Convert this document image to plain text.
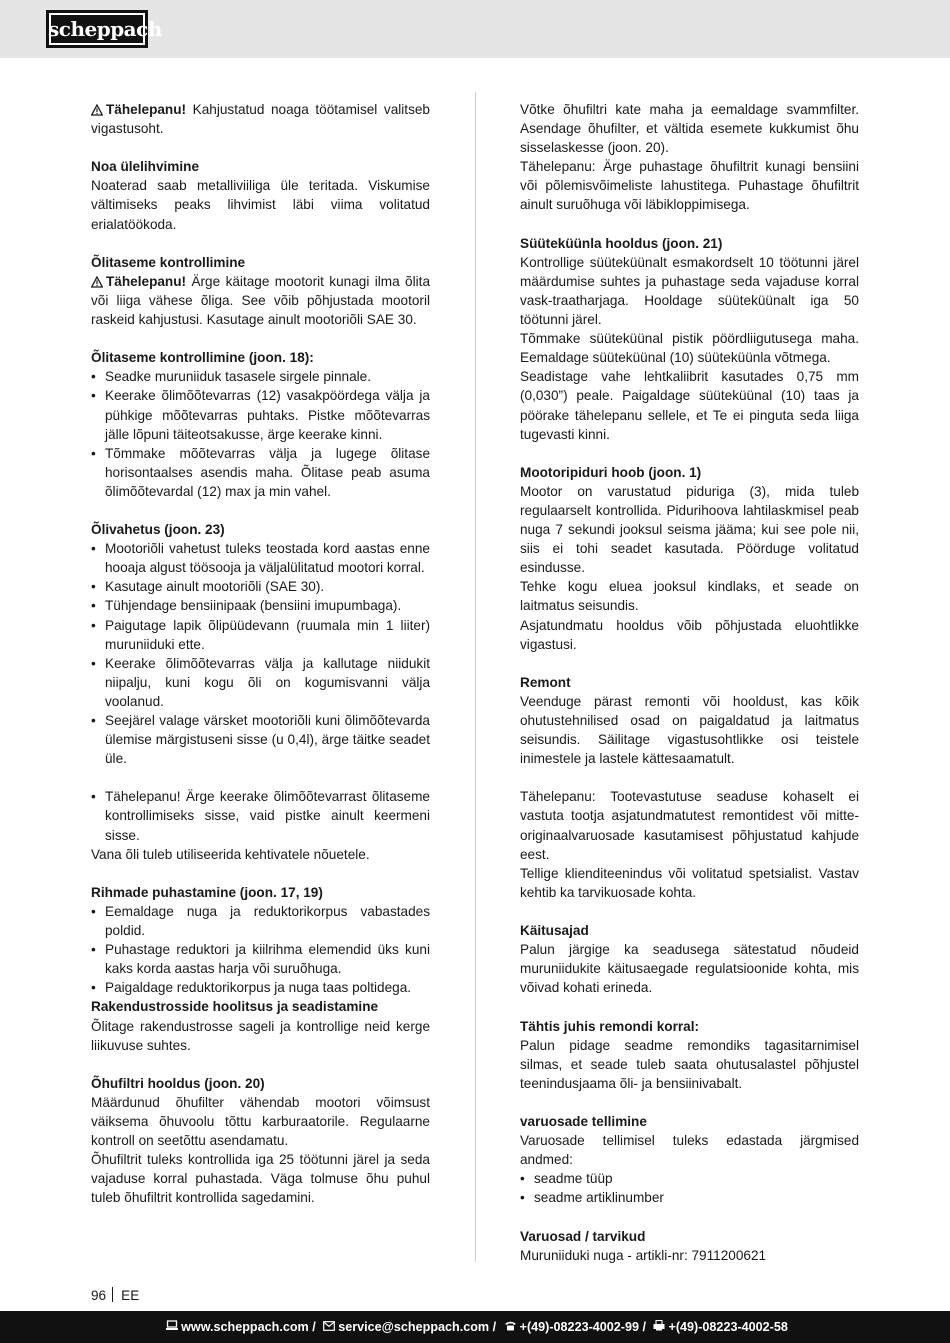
scheppach
Tähelepanu! Kahjustatud noaga töötamisel valitseb vigastusoht.
Noa ülelihvimine
Noaterad saab metalliviiliga üle teritada. Viskumise vältimiseks peaks lihvimist läbi viima volitatud erialatöökoda.
Õlitaseme kontrollimine
Tähelepanu! Ärge käitage mootorit kunagi ilma õlita või liiga vähese õliga. See võib põhjustada mootoril raskeid kahjustusi. Kasutage ainult mootoriõli SAE 30.
Õlitaseme kontrollimine (joon. 18):
• Seadke muruniiduk tasasele sirgele pinnale.
• Keerake õlimõõtevarras (12) vasakpöördega välja ja pühkige mõõtevarras puhtaks. Pistke mõõtevarras jälle lõpuni täiteotsakusse, ärge keerake kinni.
• Tõmmake mõõtevarras välja ja lugege õlitase horisontaalses asendis maha. Õlitase peab asuma õlimõõtevardal (12) max ja min vahel.
Õlivahetus (joon. 23)
• Mootoriõli vahetust tuleks teostada kord aastas enne hooaja algust töösooja ja väljalülitatud mootori korral.
• Kasutage ainult mootoriõli (SAE 30).
• Tühjendage bensiinipaak (bensiini imupumbaga).
• Paigutage lapik õlipüüdevann (ruumala min 1 liiter) muruniiduki ette.
• Keerake õlimõõtevarras välja ja kallutage niidukit niipalju, kuni kogu õli on kogumisvanni välja voolanud.
• Seejärel valage värsket mootoriõli kuni õlimõõtevarda ülemise märgistuseni sisse (u 0,4l), ärge täitke seadet üle.
• Tähelepanu! Ärge keerake õlimõõtevarrast õlitaseme kontrollimiseks sisse, vaid pistke ainult keermeni sisse.
Vana õli tuleb utiliseerida kehtivatele nõuetele.
Rihmade puhastamine (joon. 17, 19)
• Eemaldage nuga ja reduktorikorpus vabastades poldid.
• Puhastage reduktori ja kiilrihma elemendid üks kuni kaks korda aastas harja või suruõhuga.
• Paigaldage reduktorikorpus ja nuga taas poltidega.
Rakendustrosside hoolitsus ja seadistamine
Õlitage rakendustrosse sageli ja kontrollige neid kerge liikuvuse suhtes.
Õhufiltri hooldus (joon. 20)
Määrdunud õhufilter vähendab mootori võimsust väiksema õhuvoolu tõttu karburaatorile. Regulaarne kontroll on seetõttu asendamatu.
Õhufiltrit tuleks kontrollida iga 25 töötunni järel ja seda vajaduse korral puhastada. Väga tolmuse õhu puhul tuleb õhufiltrit kontrollida sagedamini.
Võtke õhufiltri kate maha ja eemaldage svammfilter. Asendage õhufilter, et vältida esemete kukkumist õhu sisselaskesse (joon. 20).
Tähelepanu: Ärge puhastage õhufiltrit kunagi bensiini või põlemisvõimeliste lahustitega. Puhastage õhufiltrit ainult suruõhuga või läbikloppimisega.
Süüteküünla hooldus (joon. 21)
Kontrollige süüteküünalt esmakordselt 10 töötunni järel määrdumise suhtes ja puhastage seda vajaduse korral vask-traatharjaga. Hooldage süüteküünalt iga 50 töötunni järel.
Tõmmake süüteküünal pistik pöördliigutusega maha. Eemaldage süüteküünal (10) süüteküünla võtmega.
Seadistage vahe lehtkaliibrit kasutades 0,75 mm (0,030”) peale. Paigaldage süüteküünal (10) taas ja pöörake tähelepanu sellele, et Te ei pinguta seda liiga tugevasti kinni.
Mootoripiduri hoob (joon. 1)
Mootor on varustatud piduriga (3), mida tuleb regulaarselt kontrollida. Pidurihoova lahtilaskmisel peab nuga 7 sekundi jooksul seisma jääma; kui see pole nii, siis ei tohi seadet kasutada. Pöörduge volitatud esindusse.
Tehke kogu eluea jooksul kindlaks, et seade on laitmatus seisundis.
Asjatundmatu hooldus võib põhjustada eluohtlikke vigastusi.
Remont
Veenduge pärast remonti või hooldust, kas kõik ohutustehnilised osad on paigaldatud ja laitmatus seisundis. Säilitage vigastusohtlikke osi teistele inimestele ja lastele kättesaamatult.
Tähelepanu: Tootevastutuse seaduse kohaselt ei vastuta tootja asjatundmatutest remontidest või mitte-originaalvaruosade kasutamisest põhjustatud kahjude eest.
Tellige klienditeenindus või volitatud spetsialist. Vastav kehtib ka tarvikuosade kohta.
Käitusajad
Palun järgige ka seadusega sätestatud nõudeid muruniidukite käitusaegade regulatsioonide kohta, mis võivad kohati erineda.
Tähtis juhis remondi korral:
Palun pidage seadme remondiks tagasitarnimisel silmas, et seade tuleb saata ohutusalastel põhjustel teenindusjaama õli- ja bensiinivabalt.
varuosade tellimine
Varuosade tellimisel tuleks edastada järgmised andmed:
• seadme tüüp
• seadme artiklinumber
Varuosad / tarvikud
Muruniiduki nuga - artikli-nr: 7911200621
96 EE
www.scheppach.com / service@scheppach.com / +(49)-08223-4002-99 / +(49)-08223-4002-58
